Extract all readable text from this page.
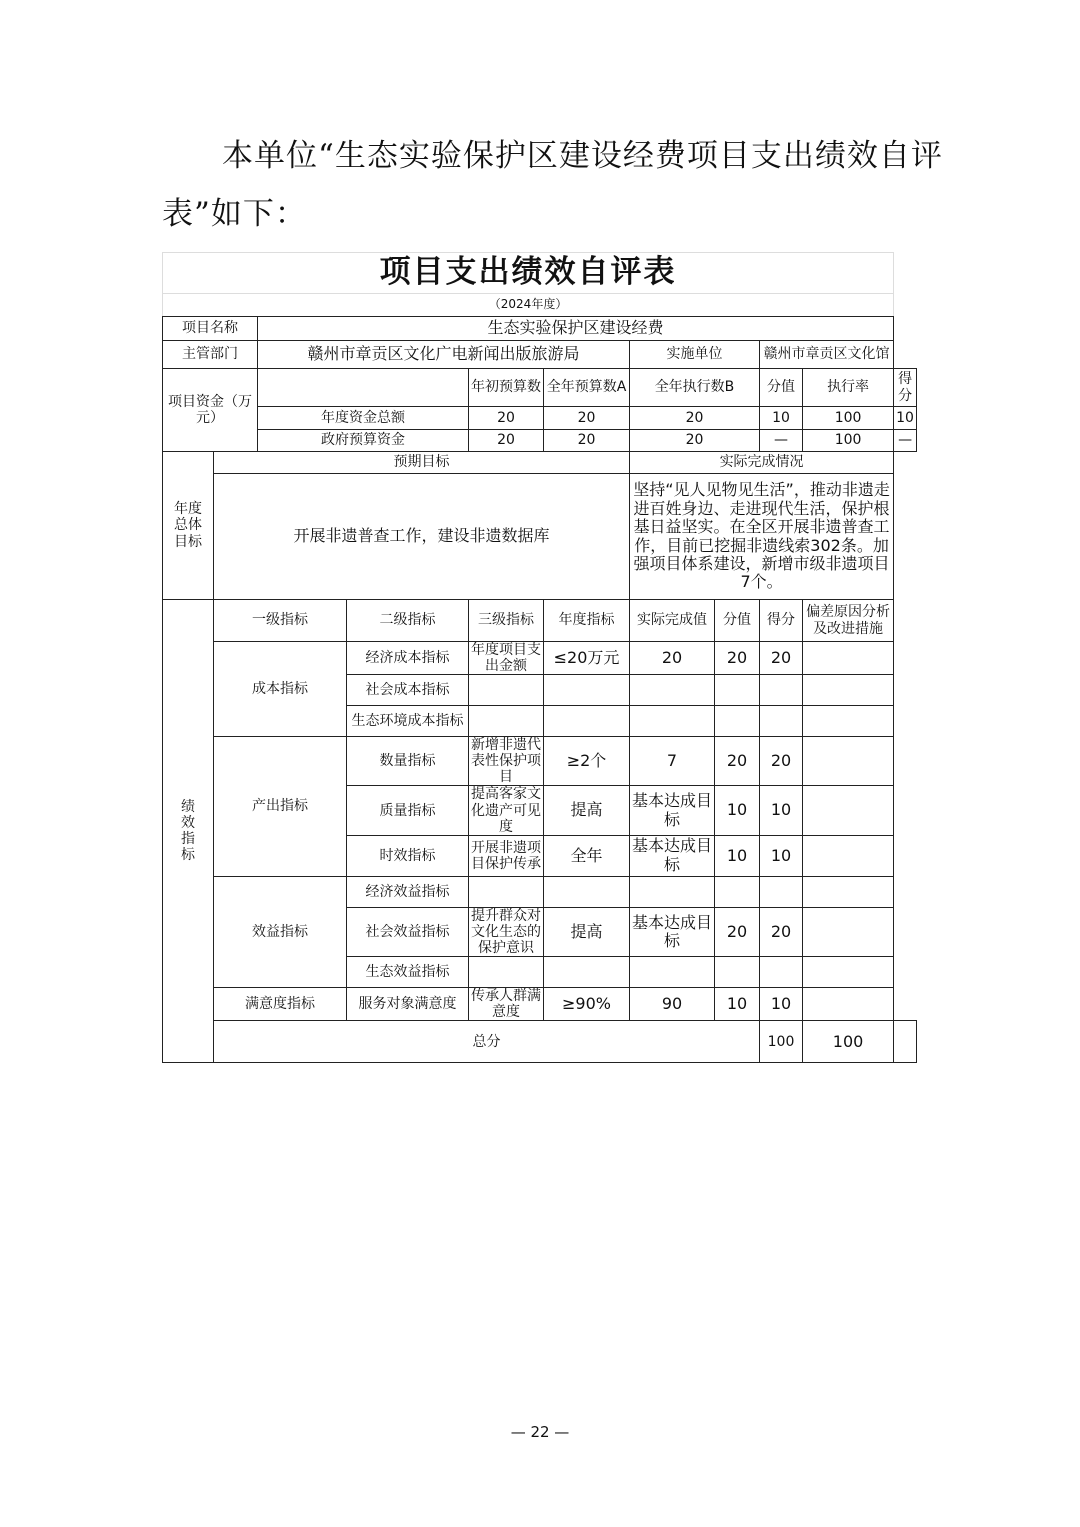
本单位“生态实验保护区建设经费项目支出绩效自评
表”如下：
项目支出绩效自评表										
（2024年度）										
项目名称		生态实验保护区建设经费								
主管部门		赣州市章贡区文化广电新闻出版旅游局				实施单位		赣州市章贡区文化馆		
项目资金（万元）				年初预算数	全年预算数A	全年执行数B		分值	执行率	得分
		年度资金总额		20	20	20		10	100	10
		政府预算资金		20	20	20		—	100	—
年度总体目标	预期目标					实际完成情况				
	开展非遗普查工作，建设非遗数据库					坚持“见人见物见生活”，推动非遗走进百姓身边、走进现代生活，保护根基日益坚实。在全区开展非遗普查工作，目前已挖掘非遗线索302条。加强项目体系建设，新增市级非遗项目7个。				
绩效指标	一级指标		二级指标	三级指标	年度指标	实际完成值	分值	得分	偏差原因分析及改进措施	
	成本指标		经济成本指标	年度项目支出金额	≤20万元	20	20	20		
			社会成本指标							
			生态环境成本指标							
	产出指标		数量指标	新增非遗代表性保护项目	≥2个	7	20	20		
			质量指标	提高客家文化遗产可见度	提高	基本达成目标	10	10		
			时效指标	开展非遗项目保护传承	全年	基本达成目标	10	10		
	效益指标		经济效益指标							
			社会效益指标	提升群众对文化生态的保护意识	提高	基本达成目标	20	20		
			生态效益指标							
	满意度指标		服务对象满意度	传承人群满意度	≥90%	90	10	10		
	总分							100	100	
— 22 —
